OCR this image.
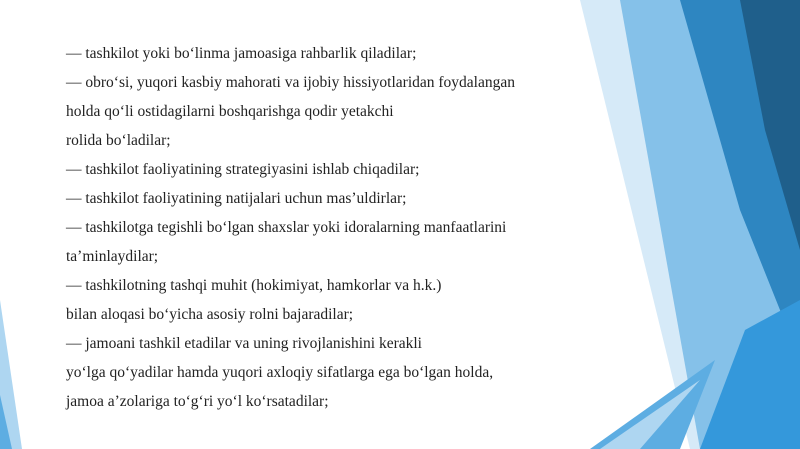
— tashkilot yoki bo‘linma jamoasiga rahbarlik qiladilar;
— obro‘si, yuqori kasbiy mahorati va ijobiy hissiyotlaridan foydalangan
holda qo‘li ostidagilarni boshqarishga qodir yetakchi
rolida bo‘ladilar;
— tashkilot faoliyatining strategiyasini ishlab chiqadilar;
— tashkilot faoliyatining natijalari uchun mas’uldirlar;
— tashkilotga tegishli bo‘lgan shaxslar yoki idoralarning manfaatlarini
ta’minlaydilar;
— tashkilotning tashqi muhit (hokimiyat, hamkorlar va h.k.)
bilan aloqasi bo‘yicha asosiy rolni bajaradilar;
— jamoani tashkil etadilar va uning rivojlanishini kerakli
yo‘lga qo‘yadilar hamda yuqori axloqiy sifatlarga ega bo‘lgan holda,
jamoa a’zolariga to‘g‘ri yo‘l ko‘rsatadilar;
